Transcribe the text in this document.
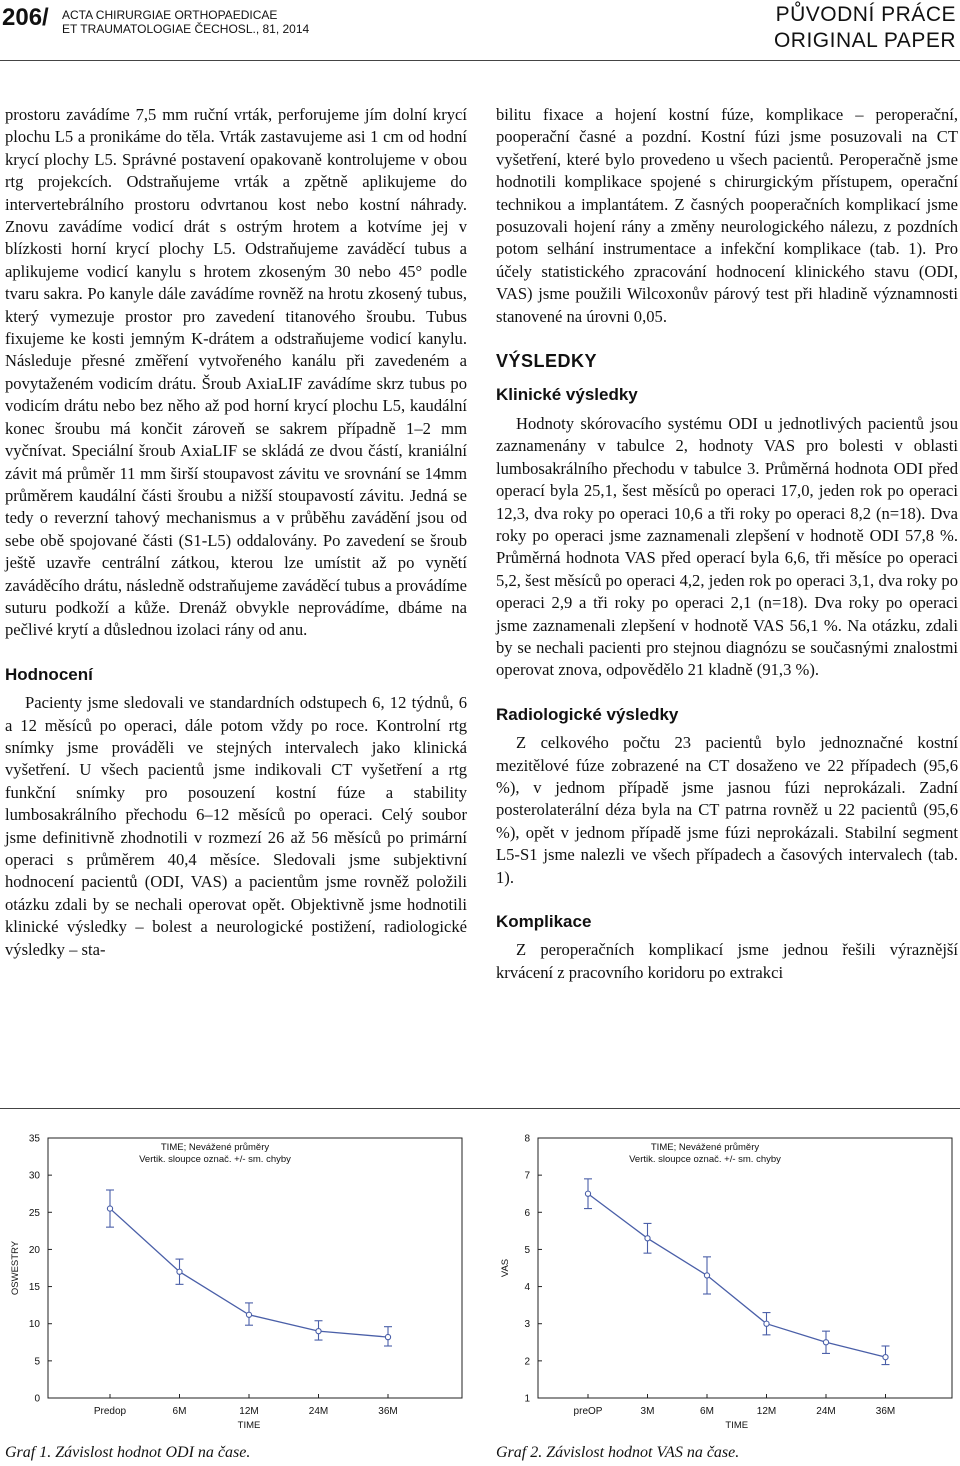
206/ ACTA CHIRURGIAE ORTHOPAEDICAE
ET TRAUMATOLOGIAE ČECHOSL., 81, 2014
PŮVODNÍ PRÁCE
ORIGINAL PAPER

prostoru zavádíme 7,5 mm ruční vrták, perforujeme jím dolní krycí plochu L5 a pronikáme do těla. Vrták zastavujeme asi 1 cm od hodní krycí plochy L5. Správné postavení opakovaně kontrolujeme v obou rtg projekcích. Odstraňujeme vrták a zpětně aplikujeme do intervertebrálního prostoru odvrtanou kost nebo kostní náhrady. Znovu zavádíme vodicí drát s ostrým hrotem a kotvíme jej v blízkosti horní krycí plochy L5. Odstraňujeme zaváděcí tubus a aplikujeme vodicí kanylu s hrotem zkoseným 30 nebo 45° podle tvaru sakra. Po kanyle dále zavádíme rovněž na hrotu zkosený tubus, který vymezuje prostor pro zavedení titanového šroubu. Tubus fixujeme ke kosti jemným K-drátem a odstraňujeme vodicí kanylu. Následuje přesné změření vytvořeného kanálu při zavedeném a povytaženém vodicím drátu. Šroub AxiaLIF zavádíme skrz tubus po vodicím drátu nebo bez něho až pod horní krycí plochu L5, kaudální konec šroubu má končit zároveň se sakrem případně 1–2 mm vyčnívat. Speciální šroub AxiaLIF se skládá ze dvou částí, kraniální závit má průměr 11 mm širší stoupavost závitu ve srovnání se 14mm průměrem kaudální části šroubu a nižší stoupavostí závitu. Jedná se tedy o reverzní tahový mechanismus a v průběhu zavádění jsou od sebe obě spojované části (S1-L5) oddalovány. Po zavedení se šroub ještě uzavře centrální zátkou, kterou lze umístit až po vynětí zaváděcího drátu, následně odstraňujeme zaváděcí tubus a provádíme suturu podkoží a kůže. Drenáž obvykle neprovádíme, dbáme na pečlivé krytí a důslednou izolaci rány od anu.

Hodnocení

Pacienty jsme sledovali ve standardních odstupech 6, 12 týdnů, 6 a 12 měsíců po operaci, dále potom vždy po roce. Kontrolní rtg snímky jsme prováděli ve stejných intervalech jako klinická vyšetření. U všech pacientů jsme indikovali CT vyšetření a rtg funkční snímky pro posouzení kostní fúze a stability lumbosakrálního přechodu 6–12 měsíců po operaci. Celý soubor jsme definitivně zhodnotili v rozmezí 26 až 56 měsíců po primární operaci s průměrem 40,4 měsíce. Sledovali jsme subjektivní hodnocení pacientů (ODI, VAS) a pacientům jsme rovněž položili otázku zdali by se nechali operovat opět. Objektivně jsme hodnotili klinické výsledky – bolest a neurologické postižení, radiologické výsledky – sta-

bilitu fixace a hojení kostní fúze, komplikace – peroperační, pooperační časné a pozdní. Kostní fúzi jsme posuzovali na CT vyšetření, které bylo provedeno u všech pacientů. Peroperačně jsme hodnotili komplikace spojené s chirurgickým přístupem, operační technikou a implantátem. Z časných pooperačních komplikací jsme posuzovali hojení rány a změny neurologického nálezu, z pozdních potom selhání instrumentace a infekční komplikace (tab. 1). Pro účely statistického zpracování hodnocení klinického stavu (ODI, VAS) jsme použili Wilcoxonův párový test při hladině významnosti stanovené na úrovni 0,05.

VÝSLEDKY
Klinické výsledky

Hodnoty skórovacího systému ODI u jednotlivých pacientů jsou zaznamenány v tabulce 2, hodnoty VAS pro bolesti v oblasti lumbosakrálního přechodu v tabulce 3. Průměrná hodnota ODI před operací byla 25,1, šest měsíců po operaci 17,0, jeden rok po operaci 12,3, dva roky po operaci 10,6 a tři roky po operaci 8,2 (n=18). Dva roky po operaci jsme zaznamenali zlepšení v hodnotě ODI 57,8 %. Průměrná hodnota VAS před operací byla 6,6, tři měsíce po operaci 5,2, šest měsíců po operaci 4,2, jeden rok po operaci 3,1, dva roky po operaci 2,9 a tři roky po operaci 2,1 (n=18). Dva roky po operaci jsme zaznamenali zlepšení v hodnotě VAS 56,1 %. Na otázku, zdali by se nechali pacienti pro stejnou diagnózu se současnými znalostmi operovat znova, odpovědělo 21 kladně (91,3 %).

Radiologické výsledky

Z celkového počtu 23 pacientů bylo jednoznačné kostní mezitělové fúze zobrazené na CT dosaženo ve 22 případech (95,6 %), v jednom případě jsme jasnou fúzi neprokázali. Zadní posterolaterální déza byla na CT patrna rovněž u 22 pacientů (95,6 %), opět v jednom případě jsme fúzi neprokázali. Stabilní segment L5-S1 jsme nalezli ve všech případech a časových intervalech (tab. 1).

Komplikace

Z peroperačních komplikací jsme jednou řešili výraznější krvácení z pracovního koridoru po extrakci

TIME; Nevážené průměry
Vertik. sloupce označ. +/- sm. chyby
0
5
10
15
20
25
30
35
OSWESTRY
Predop	6M	12M	24M	36M
TIME
TIME; Nevážené průměry
Vertik. sloupce označ. +/- sm. chyby
1
2
3
4
5
6
7
8
VAS
preOP	3M	6M	12M	24M	36M
TIME
Graf 1. Závislost hodnot ODI na čase.	Graf 2. Závislost hodnot VAS na čase.
